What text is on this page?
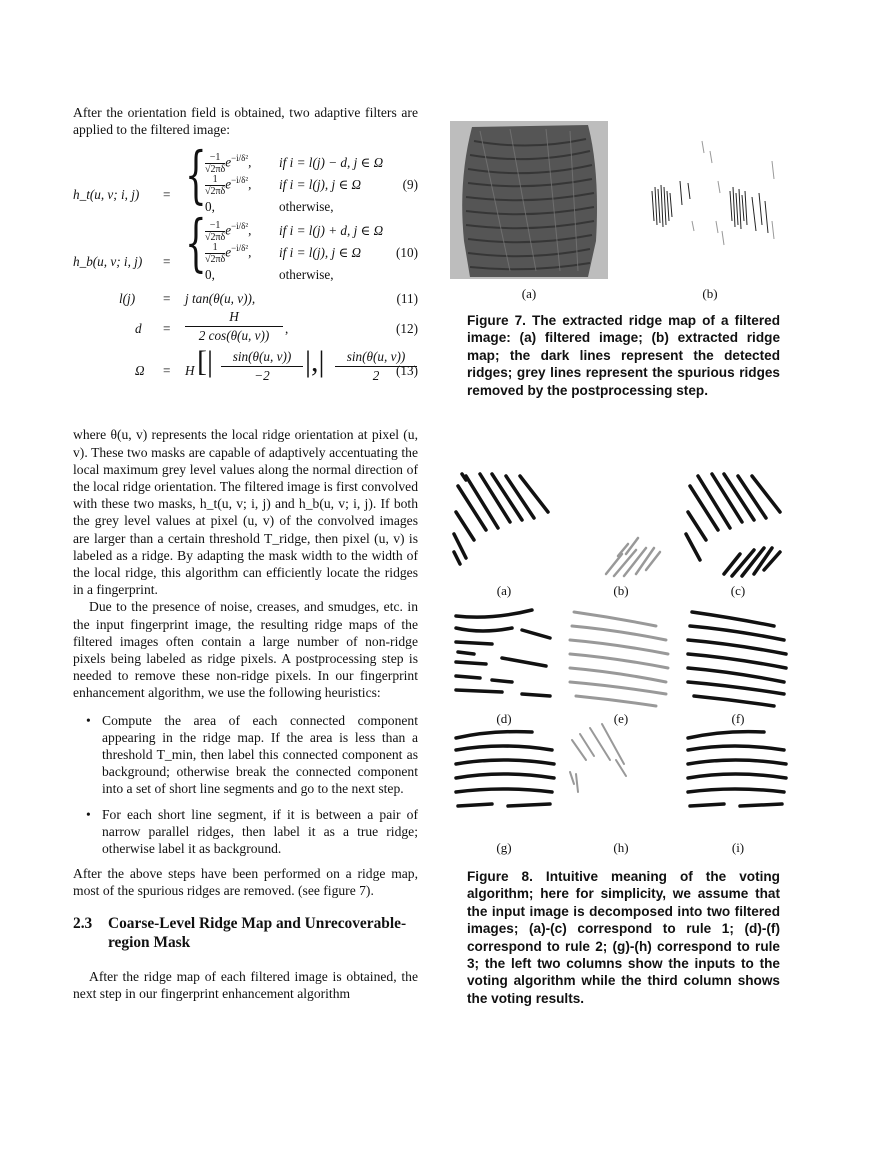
After the orientation field is obtained, two adaptive filters are applied to the filtered image:

h_t(u, v; i, j) = {
$\frac{-1}{√2\pi\delta} e^{-i/\delta^2}$, if i = l(j) − d, j ∈ Ω
$\frac{1}{√2\pi\delta} e^{-i/\delta^2}$, if i = l(j), j ∈ Ω	(9)
0,	otherwise,
h_b(u, v; i, j) = {
$\frac{-1}{√2\pi\delta} e^{-i/\delta^2}$, if i = l(j) + d, j ∈ Ω
$\frac{1}{√2\pi\delta} e^{-i/\delta^2}$, if i = l(j), j ∈ Ω	(10)
0,	otherwise,
l(j) = j tan(θ(u, v)),	(11)
$d = \frac{H}{2 \cos(\theta(u, v))}$ ,	(12)
Ω = H [|	sin(θ(u, v))
−2	|,|	sin(θ(u, v))
2	(13)

where θ(u, v) represents the local ridge orientation at pixel (u, v). These two masks are capable of adaptively accentuating the local maximum grey level values along the normal direction of the local ridge orientation. The filtered image is first convolved with these two masks, h_t(u, v; i, j) and h_b(u, v; i, j). If both the grey level values at pixel (u, v) of the convolved images are larger than a certain threshold T_ridge, then pixel (u, v) is labeled as a ridge. By adapting the mask width to the width of the local ridge, this algorithm can efficiently locate the ridges in a fingerprint.

Due to the presence of noise, creases, and smudges, etc. in the input fingerprint image, the resulting ridge maps of the filtered images often contain a large number of non-ridge pixels being labeled as ridge pixels. A postprocessing step is needed to remove these non-ridge pixels. In our fingerprint enhancement algorithm, we use the following heuristics:

• Compute the area of each connected component appearing in the ridge map. If the area is less than a threshold T_min, then label this connected component as background; otherwise break the connected component into a set of short line segments and go to the next step.
• For each short line segment, if it is between a pair of narrow parallel ridges, then label it as a true ridge; otherwise label it as background.

After the above steps have been performed on a ridge map, most of the spurious ridges are removed. (see figure 7).

2.3 Coarse-Level Ridge Map and Unrecoverable-
region Mask

After the ridge map of each filtered image is obtained, the next step in our fingerprint enhancement algorithm

(a)	(b)
Figure 7. The extracted ridge map of a filtered image: (a) filtered image; (b) extracted ridge map; the dark lines represent the detected ridges; grey lines represent the spurious ridges removed by the postprocessing step.
(a)	(b)	(c)
(d)	(e)	(f)
(g)	(h)	(i)
Figure 8. Intuitive meaning of the voting algorithm; here for simplicity, we assume that the input image is decomposed into two filtered images; (a)-(c) correspond to rule 1; (d)-(f) correspond to rule 2; (g)-(h) correspond to rule 3; the left two columns show the inputs to the voting algorithm while the third column shows the voting results.
